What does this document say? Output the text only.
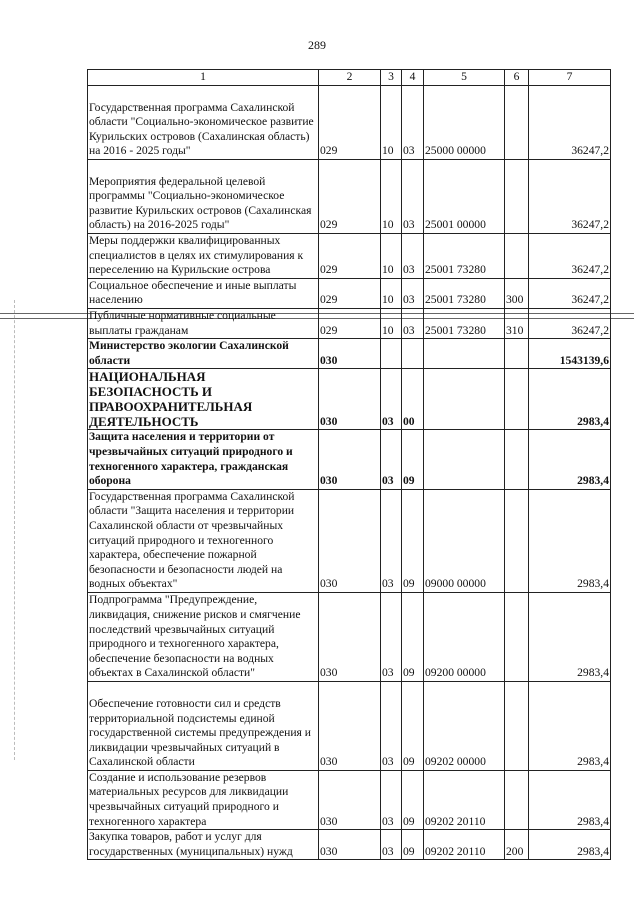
289
1	2	3	4	5	6	7
Государственная программа Сахалинской области "Социально-экономическое развитие Курильских островов (Сахалинская область) на 2016 - 2025 годы"	029	10	03	25000 00000		36247,2
Мероприятия федеральной целевой программы "Социально-экономическое развитие Курильских островов (Сахалинская область) на 2016-2025 годы"	029	10	03	25001 00000		36247,2
Меры поддержки квалифицированных специалистов в целях их стимулирования к переселению на Курильские острова	029	10	03	25001 73280		36247,2
Социальное обеспечение и иные выплаты населению	029	10	03	25001 73280	300	36247,2
Публичные нормативные социальные выплаты гражданам	029	10	03	25001 73280	310	36247,2
Министерство экологии Сахалинской области	030					1543139,6
НАЦИОНАЛЬНАЯ БЕЗОПАСНОСТЬ И ПРАВООХРАНИТЕЛЬНАЯ ДЕЯТЕЛЬНОСТЬ	030	03	00			2983,4
Защита населения и территории от чрезвычайных ситуаций природного и техногенного характера, гражданская оборона	030	03	09			2983,4
Государственная программа Сахалинской области "Защита населения и территории Сахалинской области от чрезвычайных ситуаций природного и техногенного характера, обеспечение пожарной безопасности и безопасности людей на водных объектах"	030	03	09	09000 00000		2983,4
Подпрограмма "Предупреждение, ликвидация, снижение рисков и смягчение последствий чрезвычайных ситуаций природного и техногенного характера, обеспечение безопасности на водных объектах в Сахалинской области"	030	03	09	09200 00000		2983,4
Обеспечение готовности сил и средств территориальной подсистемы единой государственной системы предупреждения и ликвидации чрезвычайных ситуаций в Сахалинской области	030	03	09	09202 00000		2983,4
Создание и использование резервов материальных ресурсов для ликвидации чрезвычайных ситуаций природного и техногенного характера	030	03	09	09202 20110		2983,4
Закупка товаров, работ и услуг для государственных (муниципальных) нужд	030	03	09	09202 20110	200	2983,4
